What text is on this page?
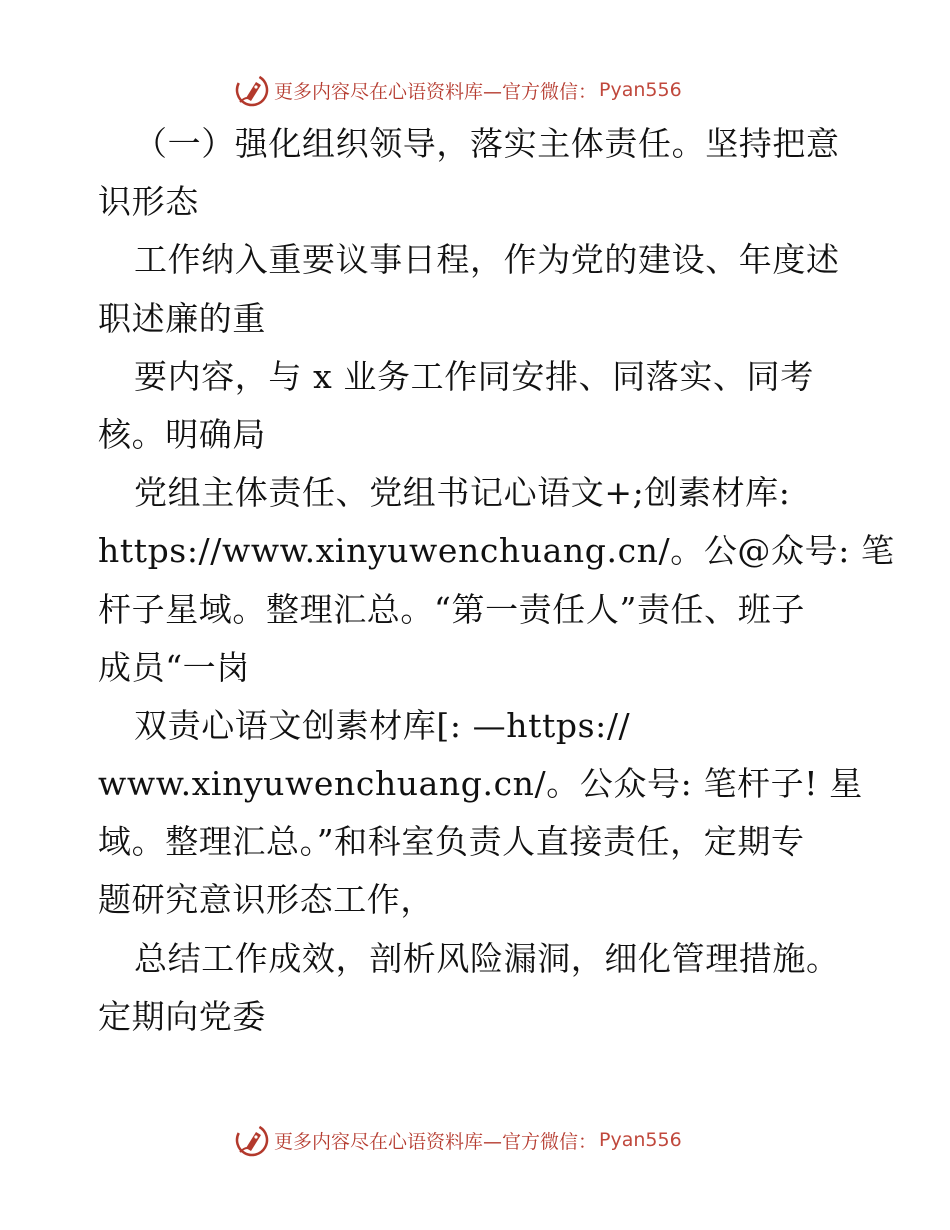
更多内容尽在心语资料库—官方微信： Pyan556
（一）强化组织领导，落实主体责任。坚持把意
识形态
工作纳入重要议事日程，作为党的建设、年度述
职述廉的重
要内容，与 x 业务工作同安排、同落实、同考
核。明确局
党组主体责任、党组书记心语文+;创素材库:
https://www.xinyuwenchuang.cn/。公@众号: 笔
杆子星域。整理汇总。“第一责任人”责任、班子
成员“一岗
双责心语文创素材库[: —https://
www.xinyuwenchuang.cn/。公众号: 笔杆子! 星
域。整理汇总。”和科室负责人直接责任，定期专
题研究意识形态工作，
总结工作成效，剖析风险漏洞，细化管理措施。
定期向党委
更多内容尽在心语资料库—官方微信： Pyan556
